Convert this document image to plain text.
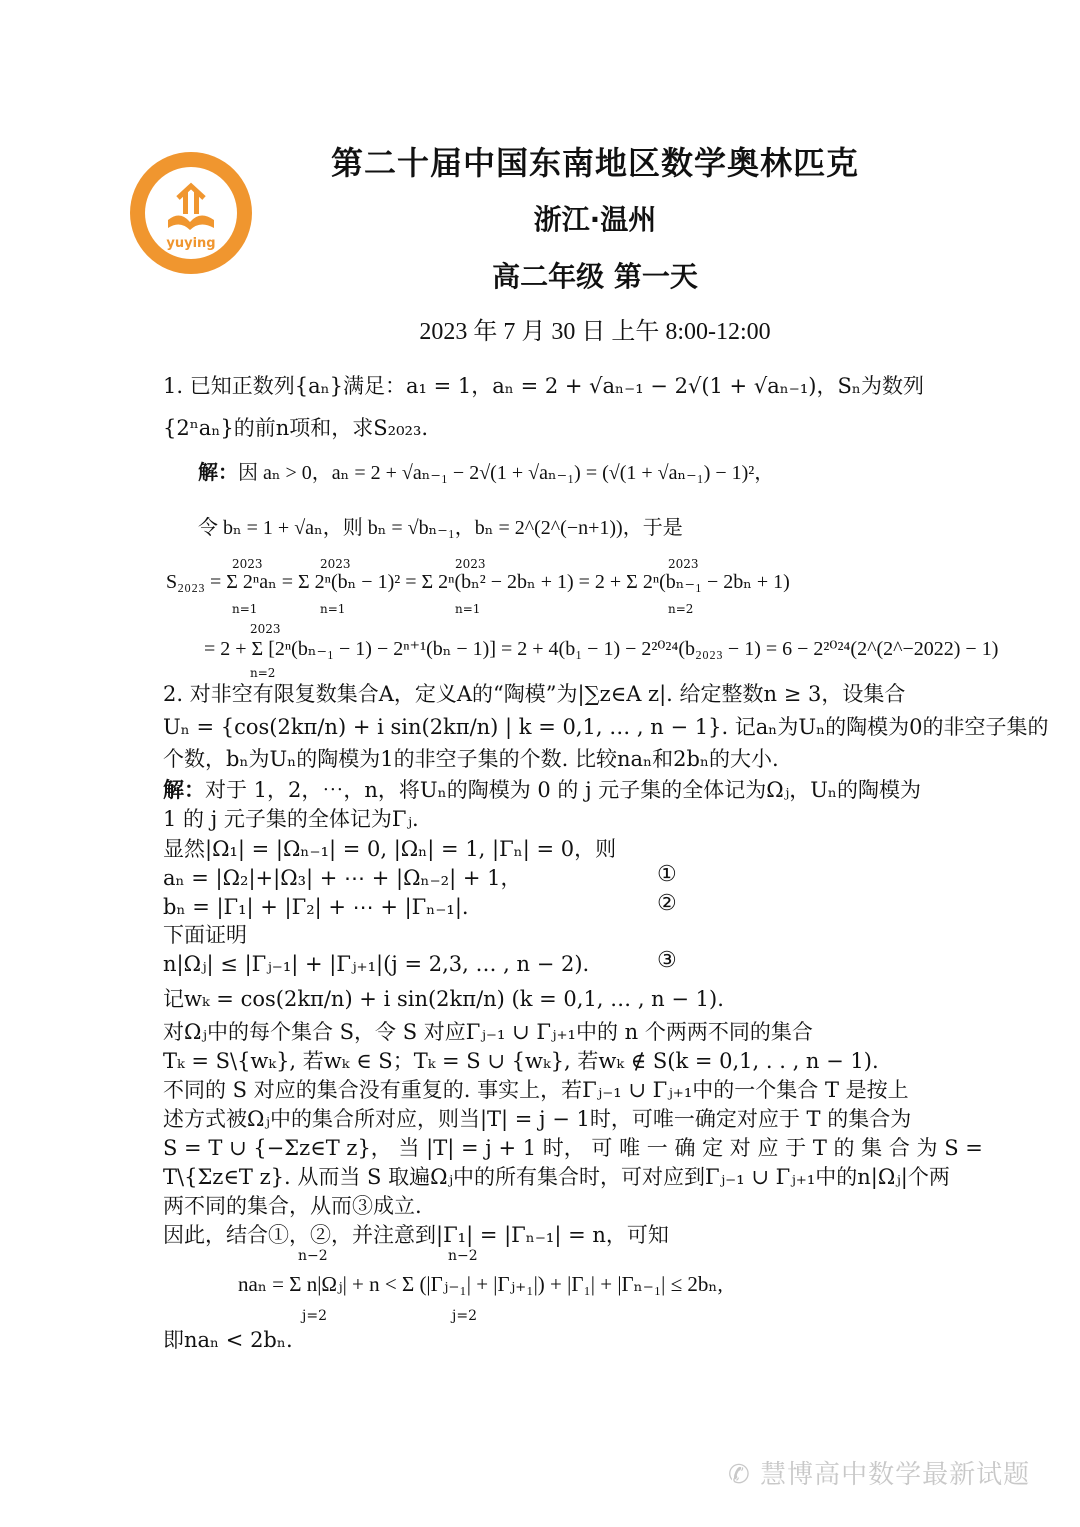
yuying
第二十届中国东南地区数学奥林匹克
浙江·温州
高二年级 第一天
2023 年 7 月 30 日 上午 8:00-12:00
1. 已知正数列{aₙ}满足：a₁ = 1，aₙ = 2 + √aₙ₋₁ − 2√(1 + √aₙ₋₁)，Sₙ为数列
{2ⁿaₙ}的前n项和，求S₂₀₂₃.
解：因 aₙ > 0，aₙ = 2 + √aₙ₋₁ − 2√(1 + √aₙ₋₁) = (√(1 + √aₙ₋₁) − 1)²，
令 bₙ = 1 + √aₙ，则 bₙ = √bₙ₋₁，bₙ = 2^(2^(−n+1))，于是
S₂₀₂₃ = Σ 2ⁿaₙ = Σ 2ⁿ(bₙ − 1)² = Σ 2ⁿ(bₙ² − 2bₙ + 1) = 2 + Σ 2ⁿ(bₙ₋₁ − 2bₙ + 1)
2023
n=1
2023
n=1
2023
n=1
2023
n=2
= 2 + Σ [2ⁿ(bₙ₋₁ − 1) − 2ⁿ⁺¹(bₙ − 1)] = 2 + 4(b₁ − 1) − 2²⁰²⁴(b₂₀₂₃ − 1) = 6 − 2²⁰²⁴(2^(2^−2022) − 1)
2023
n=2
2. 对非空有限复数集合A，定义A的“陶模”为|∑z∈A z|. 给定整数n ≥ 3，设集合
Uₙ = {cos(2kπ/n) + i sin(2kπ/n) | k = 0,1, … , n − 1}. 记aₙ为Uₙ的陶模为0的非空子集的
个数，bₙ为Uₙ的陶模为1的非空子集的个数. 比较naₙ和2bₙ的大小.
解：对于 1，2，⋯，n，将Uₙ的陶模为 0 的 j 元子集的全体记为Ωⱼ，Uₙ的陶模为
1 的 j 元子集的全体记为Γⱼ.
显然|Ω₁| = |Ωₙ₋₁| = 0, |Ωₙ| = 1, |Γₙ| = 0，则
aₙ = |Ω₂|+|Ω₃| + ⋯ + |Ωₙ₋₂| + 1，	①
bₙ = |Γ₁| + |Γ₂| + ⋯ + |Γₙ₋₁|.	②
下面证明
n|Ωⱼ| ≤ |Γⱼ₋₁| + |Γⱼ₊₁|(j = 2,3, … , n − 2).	③
记wₖ = cos(2kπ/n) + i sin(2kπ/n) (k = 0,1, … , n − 1).
对Ωⱼ中的每个集合 S，令 S 对应Γⱼ₋₁ ∪ Γⱼ₊₁中的 n 个两两不同的集合
Tₖ = S\{wₖ}, 若wₖ ∈ S；Tₖ = S ∪ {wₖ}, 若wₖ ∉ S(k = 0,1, . . , n − 1).
不同的 S 对应的集合没有重复的. 事实上，若Γⱼ₋₁ ∪ Γⱼ₊₁中的一个集合 T 是按上
述方式被Ωⱼ中的集合所对应，则当|T| = j − 1时，可唯一确定对应于 T 的集合为
S = T ∪ {−Σz∈T z}， 当 |T| = j + 1 时， 可 唯 一 确 定 对 应 于 T 的 集 合 为 S =
T\{Σz∈T z}. 从而当 S 取遍Ωⱼ中的所有集合时，可对应到Γⱼ₋₁ ∪ Γⱼ₊₁中的n|Ωⱼ|个两
两不同的集合，从而③成立.
因此，结合①，②，并注意到|Γ₁| = |Γₙ₋₁| = n，可知
naₙ = Σ n|Ωⱼ| + n < Σ (|Γⱼ₋₁| + |Γⱼ₊₁|) + |Γ₁| + |Γₙ₋₁| ≤ 2bₙ,
n−2
j=2
n−2
j=2
即naₙ < 2bₙ.
✆ 慧博高中数学最新试题
